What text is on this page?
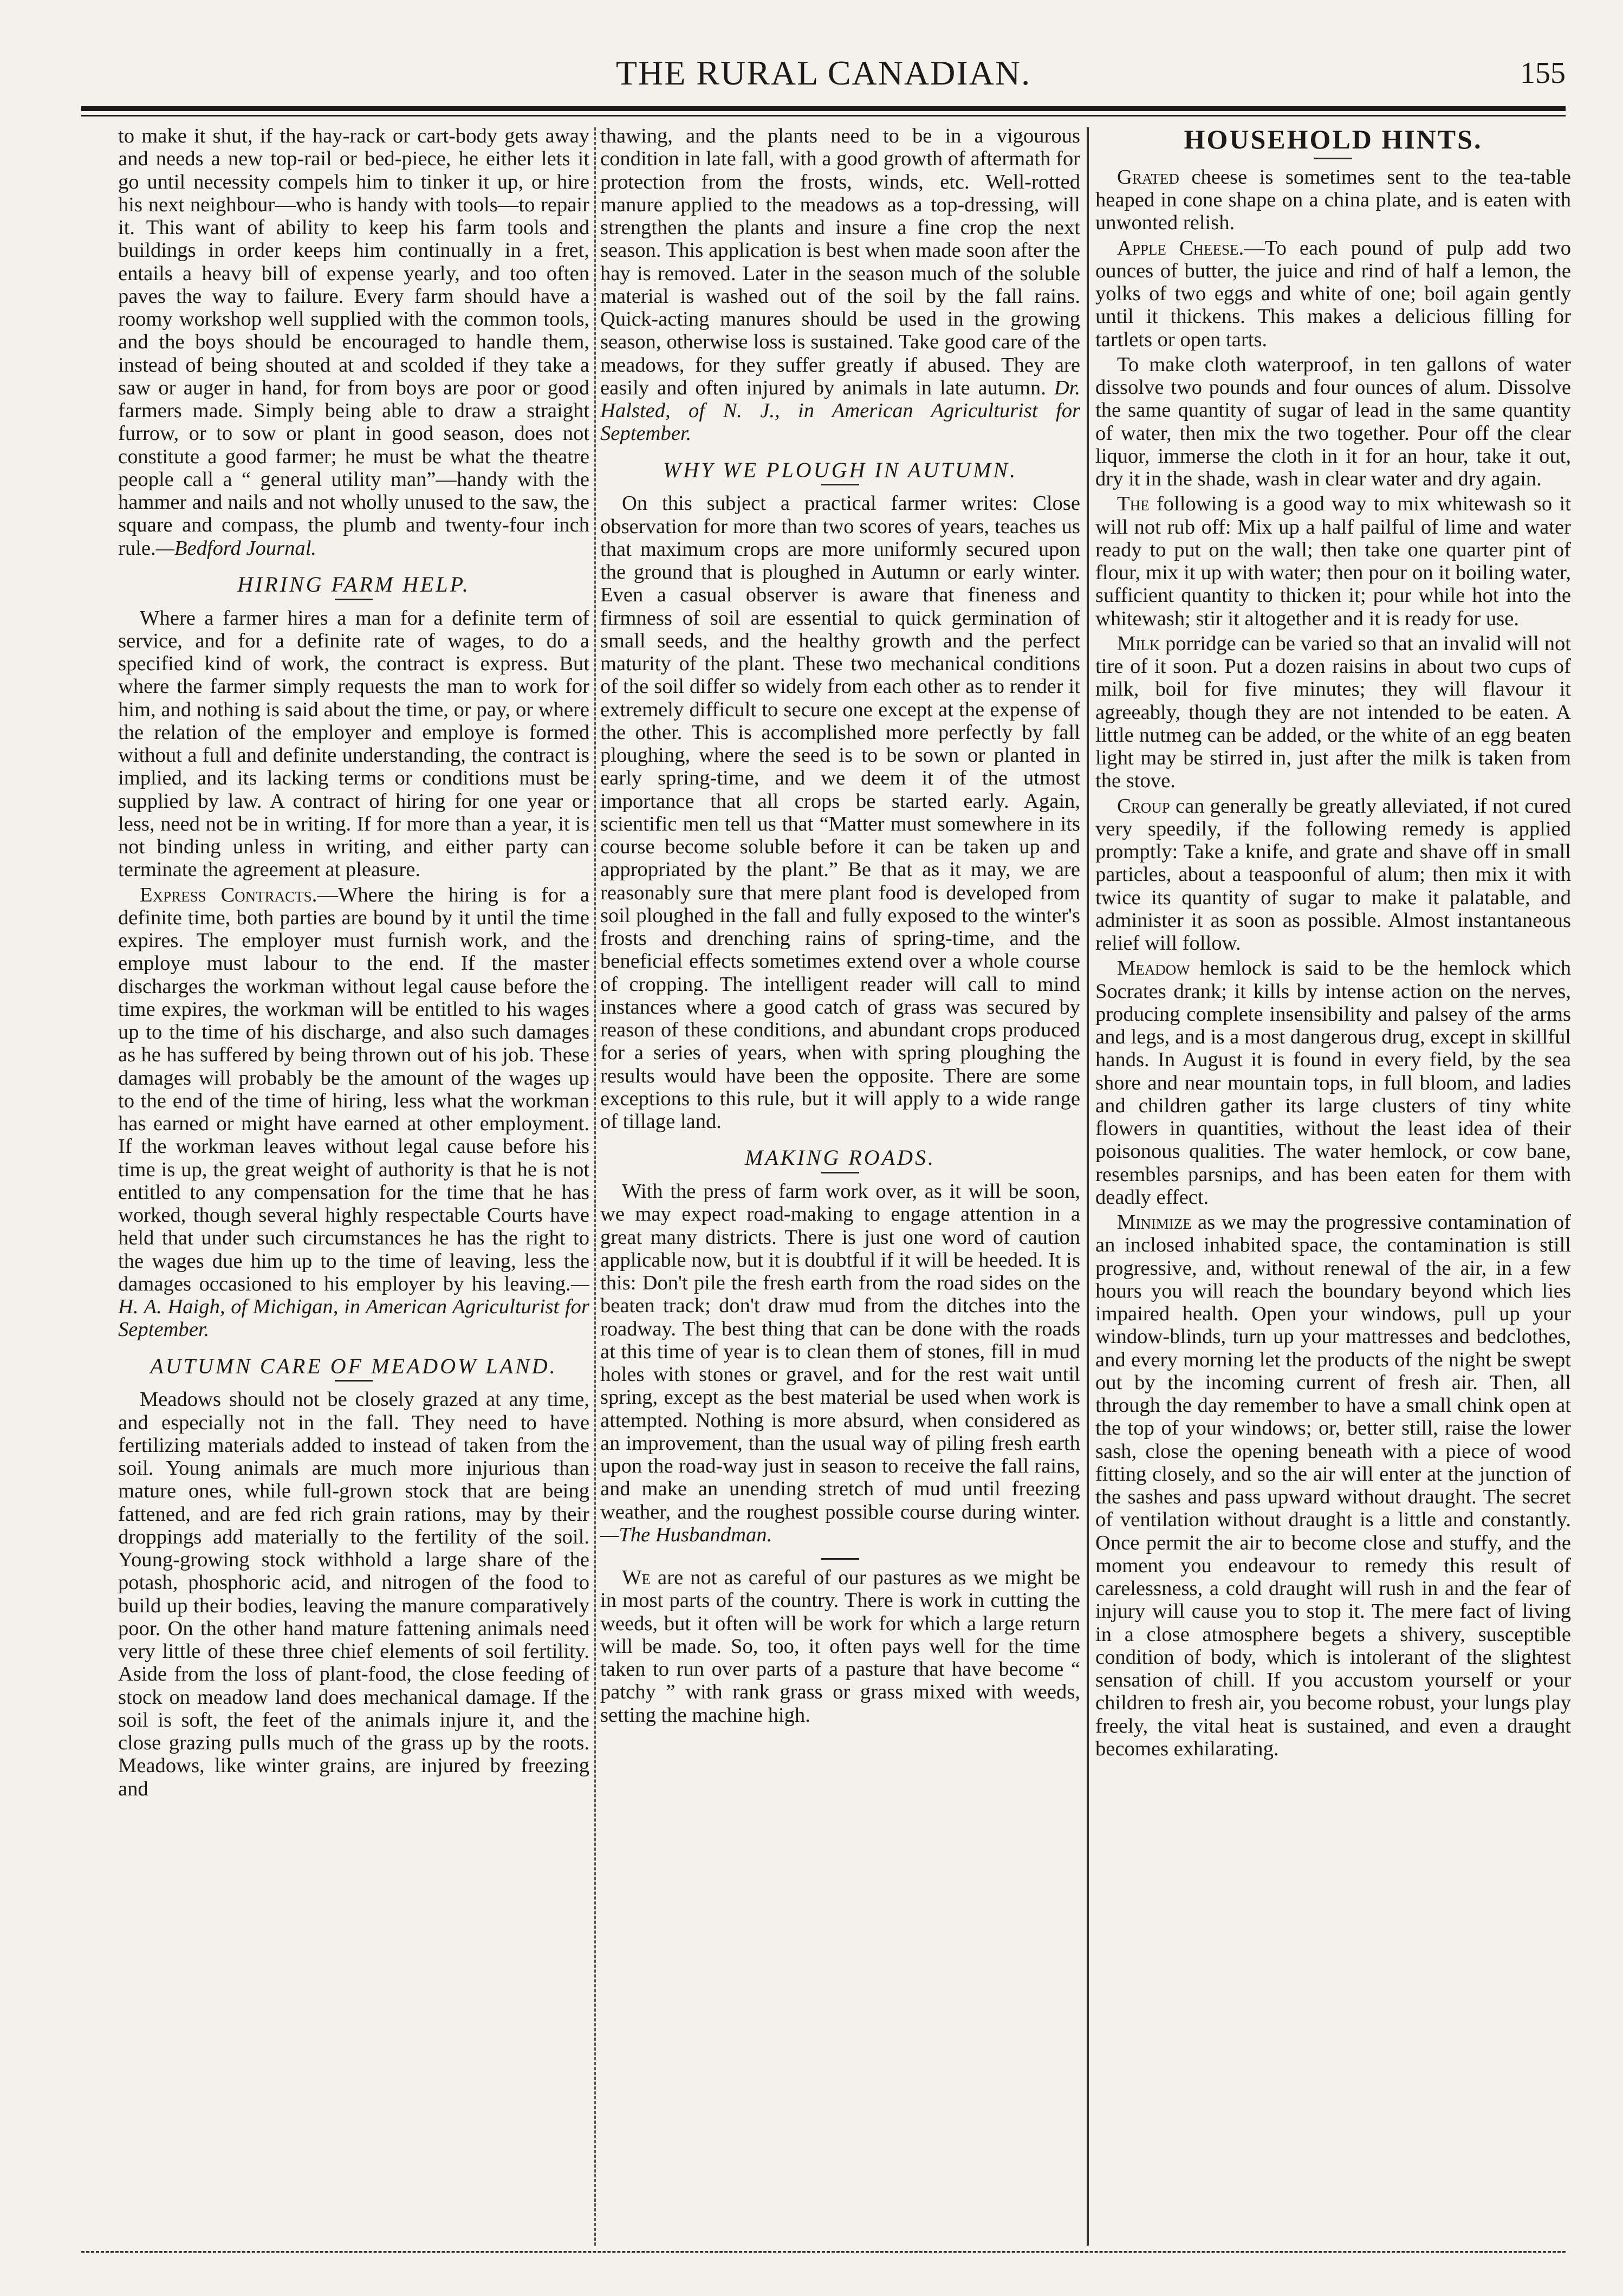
THE RURAL CANADIAN.	155

to make it shut, if the hay-rack or cart-body gets away and needs a new top-rail or bed-piece, he either lets it go until necessity compels him to tinker it up, or hire his next neighbour—who is handy with tools—to repair it. This want of ability to keep his farm tools and buildings in order keeps him continually in a fret, entails a heavy bill of expense yearly, and too often paves the way to failure. Every farm should have a roomy workshop well supplied with the common tools, and the boys should be encouraged to handle them, instead of being shouted at and scolded if they take a saw or auger in hand, for from boys are poor or good farmers made. Simply being able to draw a straight furrow, or to sow or plant in good season, does not constitute a good farmer; he must be what the theatre people call a “ general utility man”—handy with the hammer and nails and not wholly unused to the saw, the square and compass, the plumb and twenty-four inch rule.—Bedford Journal.

HIRING FARM HELP.

Where a farmer hires a man for a definite term of service, and for a definite rate of wages, to do a specified kind of work, the contract is express. But where the farmer simply requests the man to work for him, and nothing is said about the time, or pay, or where the relation of the employer and employe is formed without a full and definite understanding, the contract is implied, and its lacking terms or conditions must be supplied by law. A contract of hiring for one year or less, need not be in writing. If for more than a year, it is not binding unless in writing, and either party can terminate the agreement at pleasure.

Express Contracts.—Where the hiring is for a definite time, both parties are bound by it until the time expires. The employer must furnish work, and the employe must labour to the end. If the master discharges the workman without legal cause before the time expires, the workman will be entitled to his wages up to the time of his discharge, and also such damages as he has suffered by being thrown out of his job. These damages will probably be the amount of the wages up to the end of the time of hiring, less what the workman has earned or might have earned at other employment. If the workman leaves without legal cause before his time is up, the great weight of authority is that he is not entitled to any compensation for the time that he has worked, though several highly respectable Courts have held that under such circumstances he has the right to the wages due him up to the time of leaving, less the damages occasioned to his employer by his leaving.—H. A. Haigh, of Michigan, in American Agriculturist for September.

AUTUMN CARE OF MEADOW LAND.

Meadows should not be closely grazed at any time, and especially not in the fall. They need to have fertilizing materials added to instead of taken from the soil. Young animals are much more injurious than mature ones, while full-grown stock that are being fattened, and are fed rich grain rations, may by their droppings add materially to the fertility of the soil. Young-growing stock withhold a large share of the potash, phosphoric acid, and nitrogen of the food to build up their bodies, leaving the manure comparatively poor. On the other hand mature fattening animals need very little of these three chief elements of soil fertility. Aside from the loss of plant-food, the close feeding of stock on meadow land does mechanical damage. If the soil is soft, the feet of the animals injure it, and the close grazing pulls much of the grass up by the roots. Meadows, like winter grains, are injured by freezing and

thawing, and the plants need to be in a vigourous condition in late fall, with a good growth of aftermath for protection from the frosts, winds, etc. Well-rotted manure applied to the meadows as a top-dressing, will strengthen the plants and insure a fine crop the next season. This application is best when made soon after the hay is removed. Later in the season much of the soluble material is washed out of the soil by the fall rains. Quick-acting manures should be used in the growing season, otherwise loss is sustained. Take good care of the meadows, for they suffer greatly if abused. They are easily and often injured by animals in late autumn. Dr. Halsted, of N. J., in American Agriculturist for September.

WHY WE PLOUGH IN AUTUMN.

On this subject a practical farmer writes: Close observation for more than two scores of years, teaches us that maximum crops are more uniformly secured upon the ground that is ploughed in Autumn or early winter. Even a casual observer is aware that fineness and firmness of soil are essential to quick germination of small seeds, and the healthy growth and the perfect maturity of the plant. These two mechanical conditions of the soil differ so widely from each other as to render it extremely difficult to secure one except at the expense of the other. This is accomplished more perfectly by fall ploughing, where the seed is to be sown or planted in early spring-time, and we deem it of the utmost importance that all crops be started early. Again, scientific men tell us that “Matter must somewhere in its course become soluble before it can be taken up and appropriated by the plant.” Be that as it may, we are reasonably sure that mere plant food is developed from soil ploughed in the fall and fully exposed to the winter's frosts and drenching rains of spring-time, and the beneficial effects sometimes extend over a whole course of cropping. The intelligent reader will call to mind instances where a good catch of grass was secured by reason of these conditions, and abundant crops produced for a series of years, when with spring ploughing the results would have been the opposite. There are some exceptions to this rule, but it will apply to a wide range of tillage land.

MAKING ROADS.

With the press of farm work over, as it will be soon, we may expect road-making to engage attention in a great many districts. There is just one word of caution applicable now, but it is doubtful if it will be heeded. It is this: Don't pile the fresh earth from the road sides on the beaten track; don't draw mud from the ditches into the roadway. The best thing that can be done with the roads at this time of year is to clean them of stones, fill in mud holes with stones or gravel, and for the rest wait until spring, except as the best material be used when work is attempted. Nothing is more absurd, when considered as an improvement, than the usual way of piling fresh earth upon the road-way just in season to receive the fall rains, and make an unending stretch of mud until freezing weather, and the roughest possible course during winter.—The Husbandman.

We are not as careful of our pastures as we might be in most parts of the country. There is work in cutting the weeds, but it often will be work for which a large return will be made. So, too, it often pays well for the time taken to run over parts of a pasture that have become “ patchy ” with rank grass or grass mixed with weeds, setting the machine high.

HOUSEHOLD HINTS.

Grated cheese is sometimes sent to the tea-table heaped in cone shape on a china plate, and is eaten with unwonted relish.

Apple Cheese.—To each pound of pulp add two ounces of butter, the juice and rind of half a lemon, the yolks of two eggs and white of one; boil again gently until it thickens. This makes a delicious filling for tartlets or open tarts.

To make cloth waterproof, in ten gallons of water dissolve two pounds and four ounces of alum. Dissolve the same quantity of sugar of lead in the same quantity of water, then mix the two together. Pour off the clear liquor, immerse the cloth in it for an hour, take it out, dry it in the shade, wash in clear water and dry again.

The following is a good way to mix whitewash so it will not rub off: Mix up a half pailful of lime and water ready to put on the wall; then take one quarter pint of flour, mix it up with water; then pour on it boiling water, sufficient quantity to thicken it; pour while hot into the whitewash; stir it altogether and it is ready for use.

Milk porridge can be varied so that an invalid will not tire of it soon. Put a dozen raisins in about two cups of milk, boil for five minutes; they will flavour it agreeably, though they are not intended to be eaten. A little nutmeg can be added, or the white of an egg beaten light may be stirred in, just after the milk is taken from the stove.

Croup can generally be greatly alleviated, if not cured very speedily, if the following remedy is applied promptly: Take a knife, and grate and shave off in small particles, about a teaspoonful of alum; then mix it with twice its quantity of sugar to make it palatable, and administer it as soon as possible. Almost instantaneous relief will follow.

Meadow hemlock is said to be the hemlock which Socrates drank; it kills by intense action on the nerves, producing complete insensibility and palsey of the arms and legs, and is a most dangerous drug, except in skillful hands. In August it is found in every field, by the sea shore and near mountain tops, in full bloom, and ladies and children gather its large clusters of tiny white flowers in quantities, without the least idea of their poisonous qualities. The water hemlock, or cow bane, resembles parsnips, and has been eaten for them with deadly effect.

Minimize as we may the progressive contamination of an inclosed inhabited space, the contamination is still progressive, and, without renewal of the air, in a few hours you will reach the boundary beyond which lies impaired health. Open your windows, pull up your window-blinds, turn up your mattresses and bedclothes, and every morning let the products of the night be swept out by the incoming current of fresh air. Then, all through the day remember to have a small chink open at the top of your windows; or, better still, raise the lower sash, close the opening beneath with a piece of wood fitting closely, and so the air will enter at the junction of the sashes and pass upward without draught. The secret of ventilation without draught is a little and constantly. Once permit the air to become close and stuffy, and the moment you endeavour to remedy this result of carelessness, a cold draught will rush in and the fear of injury will cause you to stop it. The mere fact of living in a close atmosphere begets a shivery, susceptible condition of body, which is intolerant of the slightest sensation of chill. If you accustom yourself or your children to fresh air, you become robust, your lungs play freely, the vital heat is sustained, and even a draught becomes exhilarating.
